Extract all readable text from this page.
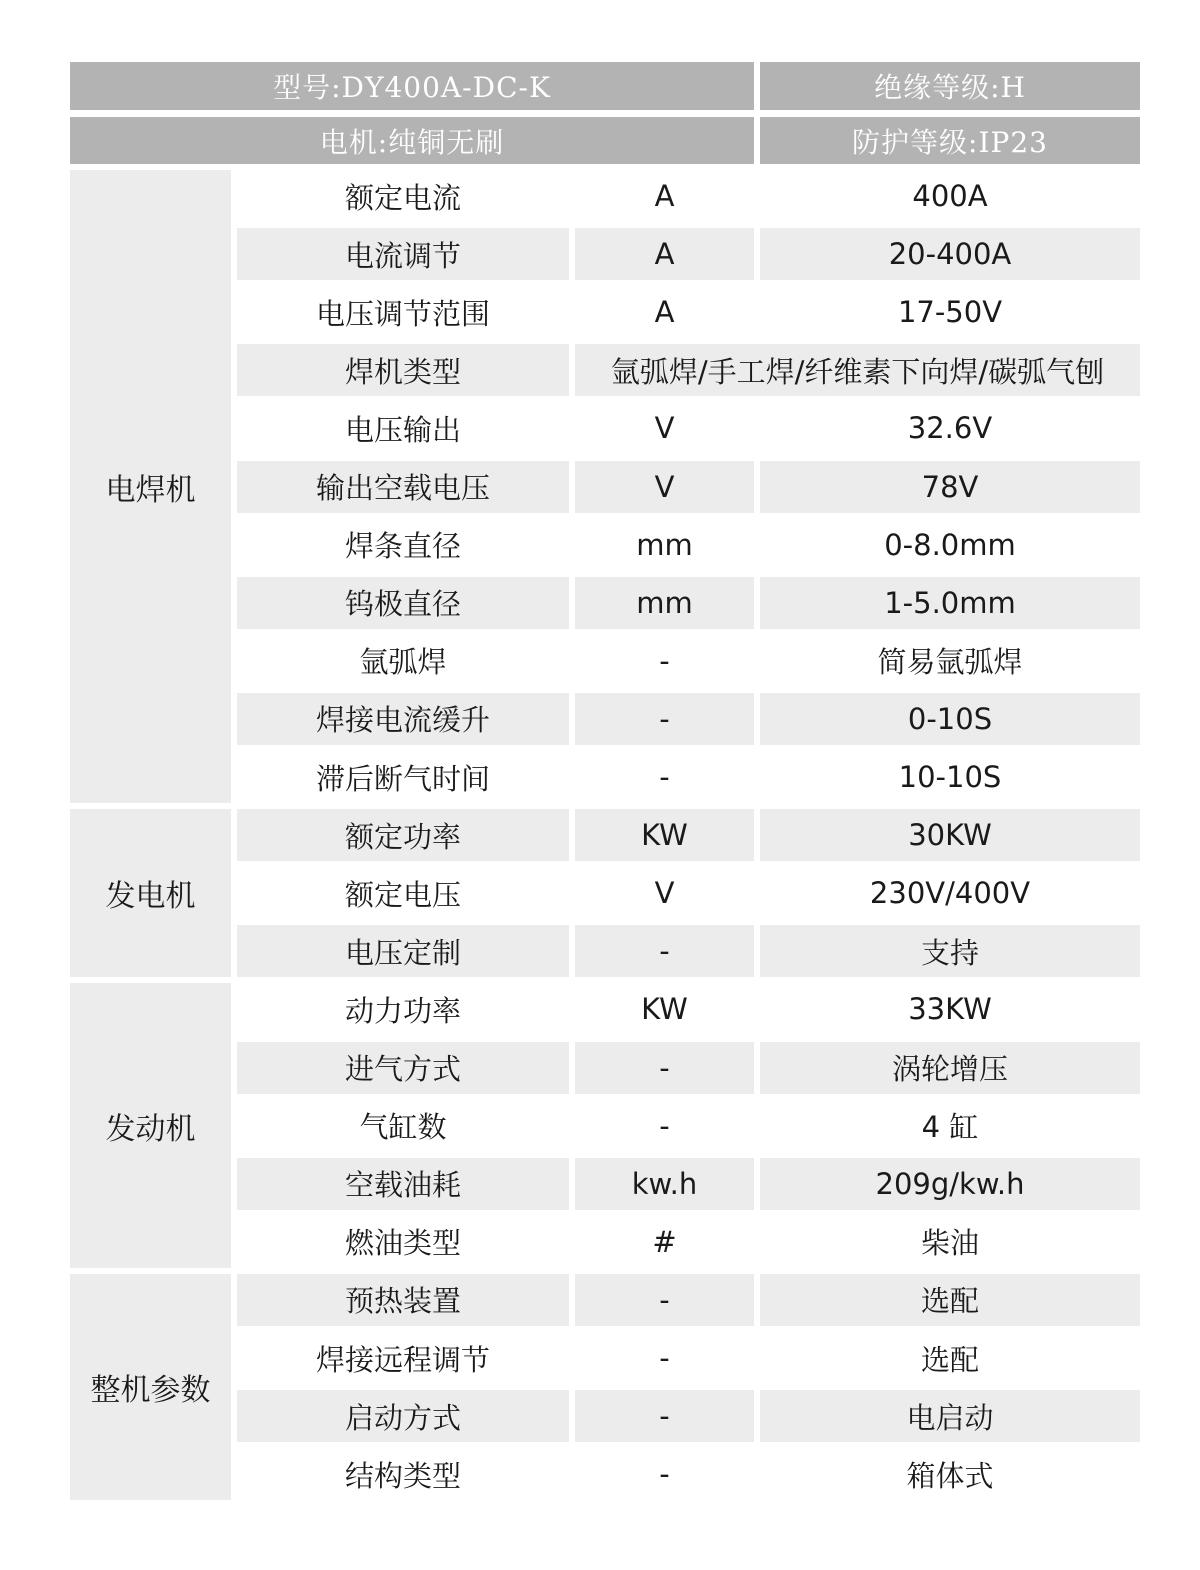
型号:DY400A-DC-K	绝缘等级:H
电机:纯铜无刷	防护等级:IP23
电焊机
额定电流	A	400A
电流调节	A	20-400A
电压调节范围	A	17-50V
焊机类型	氩弧焊/手工焊/纤维素下向焊/碳弧气刨
电压输出	V	32.6V
输出空载电压	V	78V
焊条直径	mm	0-8.0mm
钨极直径	mm	1-5.0mm
氩弧焊	-	简易氩弧焊
焊接电流缓升	-	0-10S
滞后断气时间	-	10-10S
发电机
额定功率	KW	30KW
额定电压	V	230V/400V
电压定制	-	支持
发动机
动力功率	KW	33KW
进气方式	-	涡轮增压
气缸数	-	4 缸
空载油耗	kw.h	209g/kw.h
燃油类型	#	柴油
整机参数
预热装置	-	选配
焊接远程调节	-	选配
启动方式	-	电启动
结构类型	-	箱体式
